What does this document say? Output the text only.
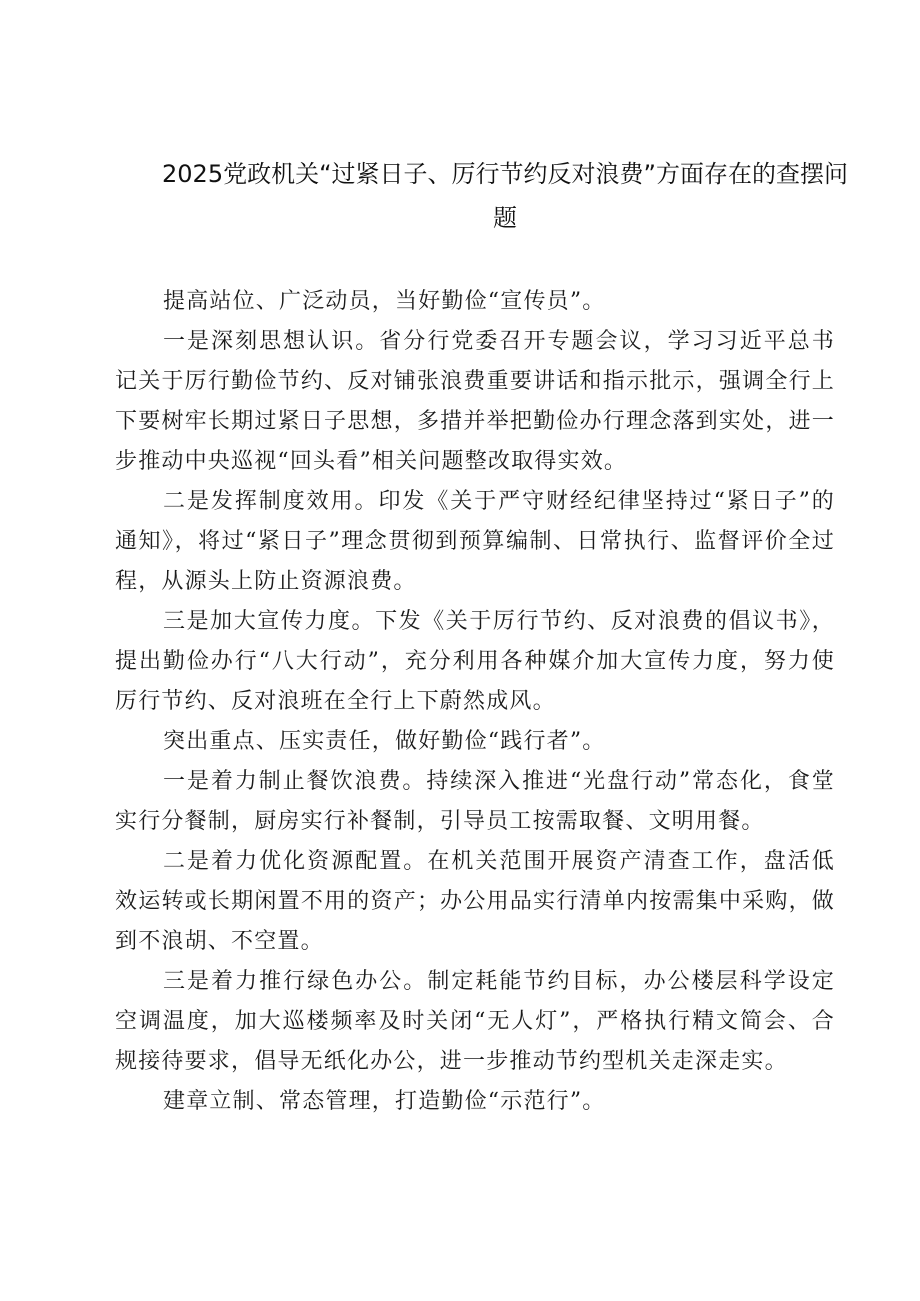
2025党政机关“过紧日子、厉行节约反对浪费”方面存在的查摆问题

提高站位、广泛动员，当好勤俭“宣传员”。

一是深刻思想认识。省分行党委召开专题会议，学习习近平总书记关于厉行勤俭节约、反对铺张浪费重要讲话和指示批示，强调全行上下要树牢长期过紧日子思想，多措并举把勤俭办行理念落到实处，进一步推动中央巡视“回头看”相关问题整改取得实效。

二是发挥制度效用。印发《关于严守财经纪律坚持过“紧日子”的通知》，将过“紧日子”理念贯彻到预算编制、日常执行、监督评价全过程，从源头上防止资源浪费。

三是加大宣传力度。下发《关于厉行节约、反对浪费的倡议书》，提出勤俭办行“八大行动”，充分利用各种媒介加大宣传力度，努力使厉行节约、反对浪班在全行上下蔚然成风。

突出重点、压实责任，做好勤俭“践行者”。

一是着力制止餐饮浪费。持续深入推进“光盘行动”常态化，食堂实行分餐制，厨房实行补餐制，引导员工按需取餐、文明用餐。

二是着力优化资源配置。在机关范围开展资产清查工作，盘活低效运转或长期闲置不用的资产；办公用品实行清单内按需集中采购，做到不浪胡、不空置。

三是着力推行绿色办公。制定耗能节约目标，办公楼层科学设定空调温度，加大巡楼频率及时关闭“无人灯”，严格执行精文简会、合规接待要求，倡导无纸化办公，进一步推动节约型机关走深走实。

建章立制、常态管理，打造勤俭“示范行”。
